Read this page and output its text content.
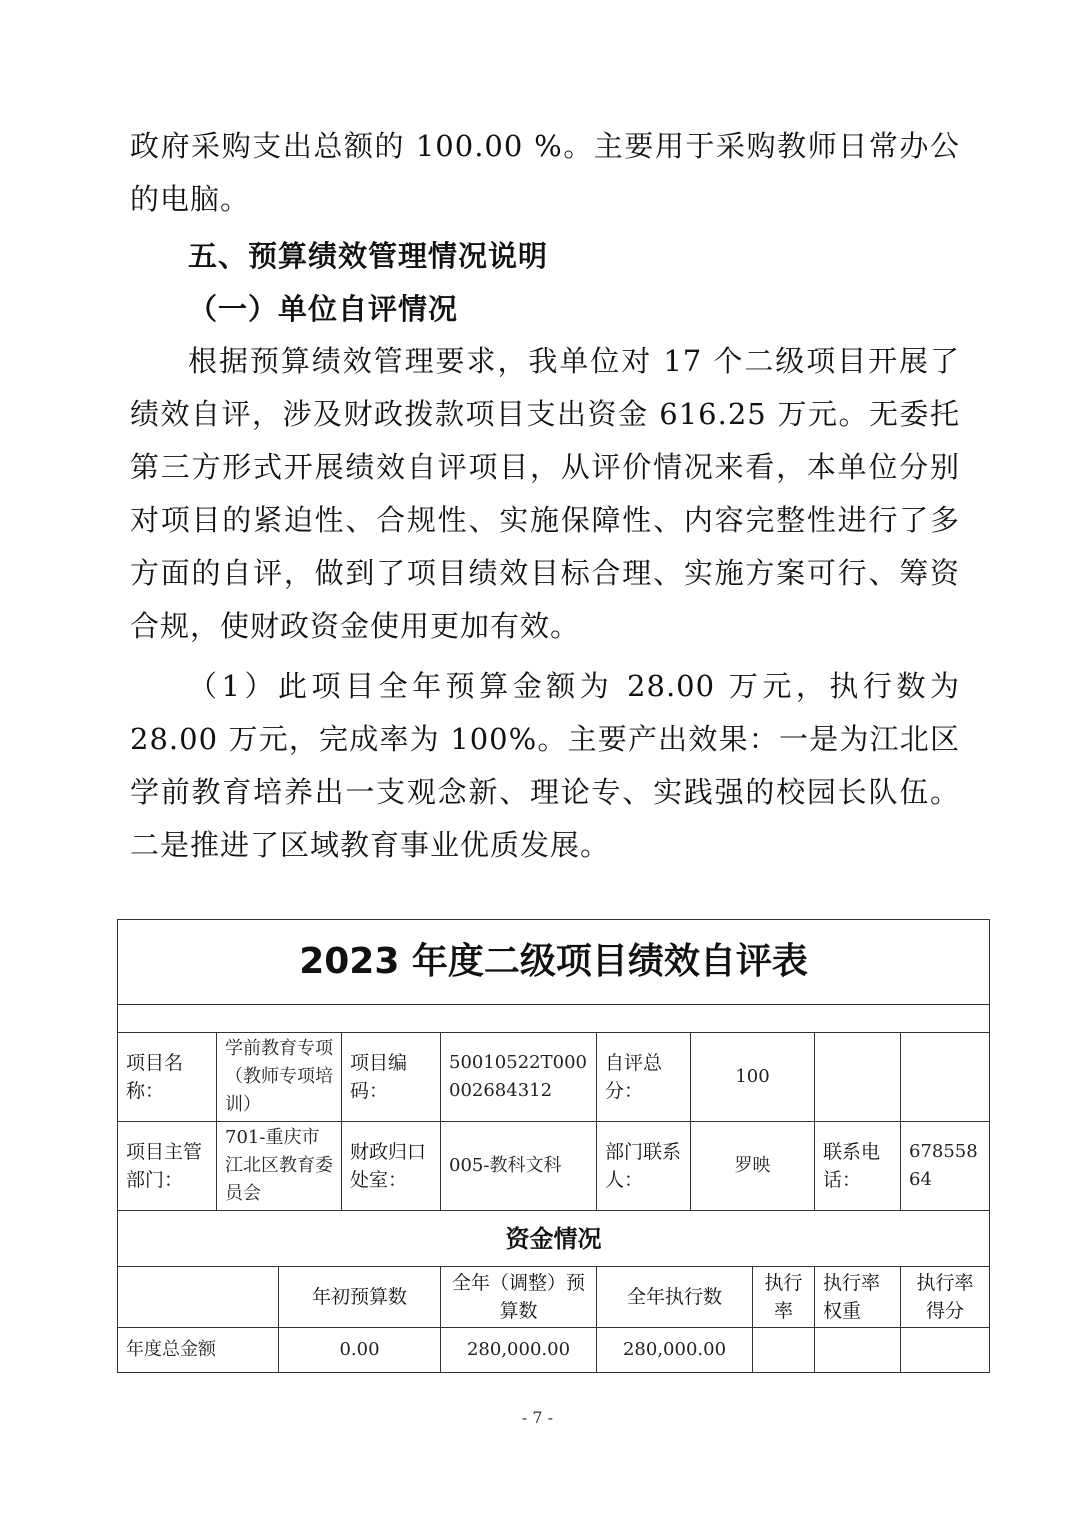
政府采购支出总额的 100.00 %。主要用于采购教师日常办公的电脑。

五、预算绩效管理情况说明

（一）单位自评情况

根据预算绩效管理要求，我单位对 17 个二级项目开展了绩效自评，涉及财政拨款项目支出资金 616.25 万元。无委托第三方形式开展绩效自评项目，从评价情况来看，本单位分别对项目的紧迫性、合规性、实施保障性、内容完整性进行了多方面的自评，做到了项目绩效目标合理、实施方案可行、筹资合规，使财政资金使用更加有效。

（1）此项目全年预算金额为 28.00 万元，执行数为 28.00 万元，完成率为 100%。主要产出效果：一是为江北区学前教育培养出一支观念新、理论专、实践强的校园长队伍。二是推进了区域教育事业优质发展。

2023 年度二级项目绩效自评表									

项目名称：	学前教育专项（教师专项培训）		项目编码：	50010522T000002684312	自评总分：	100			
项目主管部门：	701-重庆市江北区教育委员会		财政归口处室：	005-教科文科	部门联系人：	罗映		联系电话：	67855864
资金情况									
		年初预算数		全年（调整）预算数	全年执行数		执行率	执行率权重	执行率得分
年度总金额		0.00		280,000.00	280,000.00				
- 7 -
